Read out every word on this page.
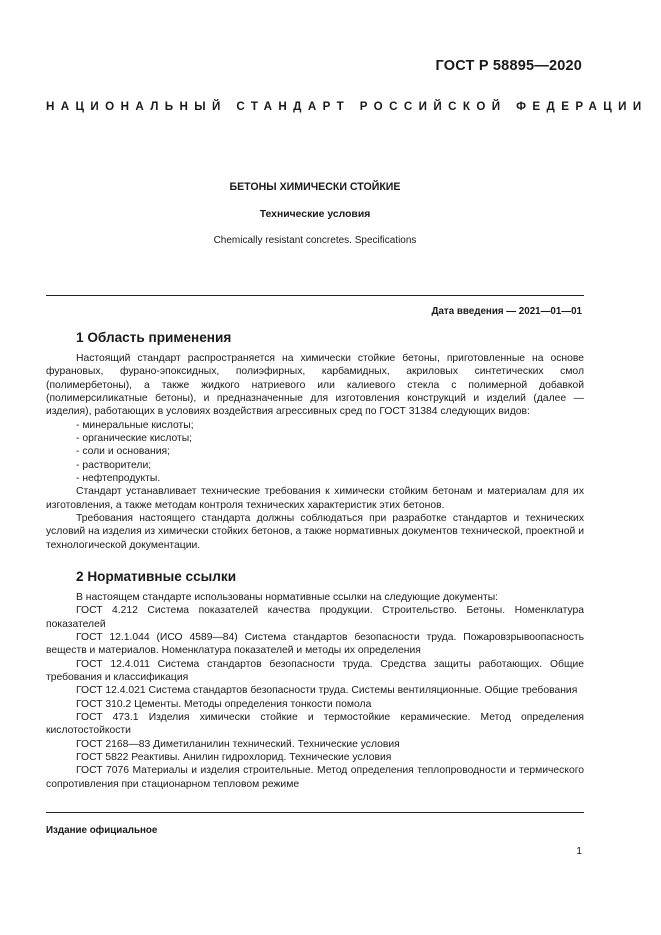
ГОСТ Р 58895—2020
НАЦИОНАЛЬНЫЙ СТАНДАРТ РОССИЙСКОЙ ФЕДЕРАЦИИ
БЕТОНЫ ХИМИЧЕСКИ СТОЙКИЕ
Технические условия
Chemically resistant concretes. Specifications
Дата введения — 2021—01—01
1 Область применения

Настоящий стандарт распространяется на химически стойкие бетоны, приготовленные на основе фурановых, фурано-эпоксидных, полиэфирных, карбамидных, акриловых синтетических смол (полимербетоны), а также жидкого натриевого или калиевого стекла с полимерной добавкой (полимерсиликатные бетоны), и предназначенные для изготовления конструкций и изделий (далее — изделия), работающих в условиях воздействия агрессивных сред по ГОСТ 31384 следующих видов:

- минеральные кислоты;

- органические кислоты;

- соли и основания;

- растворители;

- нефтепродукты.

Стандарт устанавливает технические требования к химически стойким бетонам и материалам для их изготовления, а также методам контроля технических характеристик этих бетонов.

Требования настоящего стандарта должны соблюдаться при разработке стандартов и технических условий на изделия из химически стойких бетонов, а также нормативных документов технической, проектной и технологической документации.

2 Нормативные ссылки

В настоящем стандарте использованы нормативные ссылки на следующие документы:

ГОСТ 4.212 Система показателей качества продукции. Строительство. Бетоны. Номенклатура показателей

ГОСТ 12.1.044 (ИСО 4589—84) Система стандартов безопасности труда. Пожаровзрывоопасность веществ и материалов. Номенклатура показателей и методы их определения

ГОСТ 12.4.011 Система стандартов безопасности труда. Средства защиты работающих. Общие требования и классификация

ГОСТ 12.4.021 Система стандартов безопасности труда. Системы вентиляционные. Общие требования

ГОСТ 310.2 Цементы. Методы определения тонкости помола

ГОСТ 473.1 Изделия химически стойкие и термостойкие керамические. Метод определения кислотостойкости

ГОСТ 2168—83 Диметиланилин технический. Технические условия

ГОСТ 5822 Реактивы. Анилин гидрохлорид. Технические условия

ГОСТ 7076 Материалы и изделия строительные. Метод определения теплопроводности и термического сопротивления при стационарном тепловом режиме

Издание официальное
1
